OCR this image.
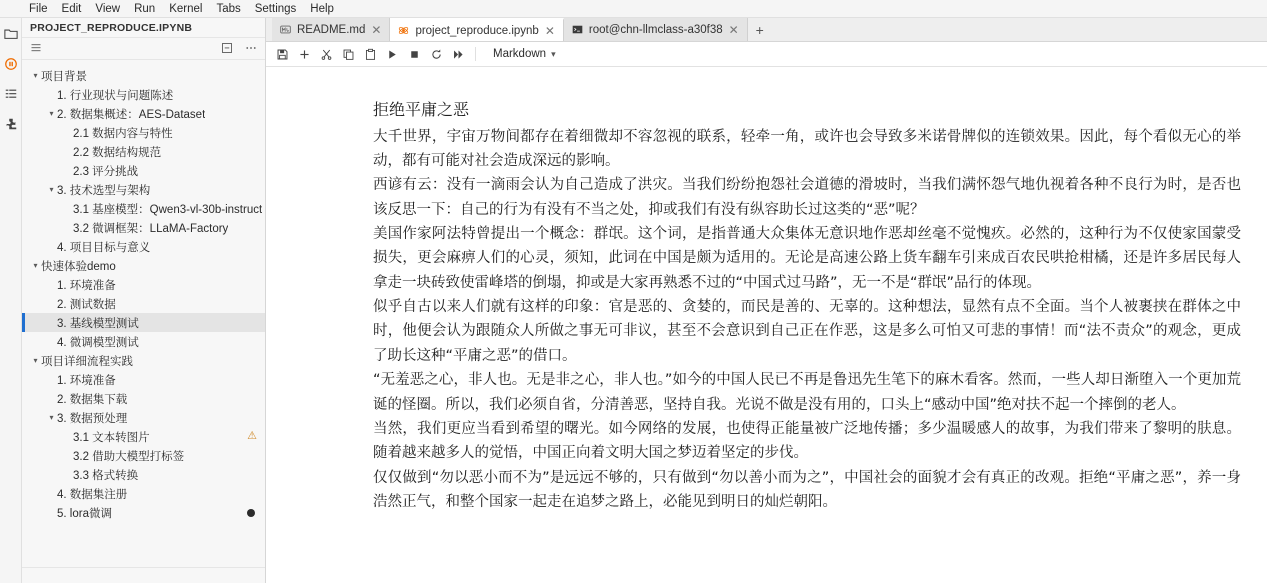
File	Edit	View	Run	Kernel	Tabs	Settings	Help
PROJECT_REPRODUCE.IPYNB
▾ 项目背景
1. 行业现状与问题陈述
▾ 2. 数据集概述：AES-Dataset
2.1 数据内容与特性
2.2 数据结构规范
2.3 评分挑战
▾ 3. 技术选型与架构
3.1 基座模型：Qwen3-vl-30b-instruct
3.2 微调框架：LLaMA-Factory
4. 项目目标与意义
▾ 快速体验demo
1. 环境准备
2. 测试数据
3. 基线模型测试
4. 微调模型测试
▾ 项目详细流程实践
1. 环境准备
2. 数据集下载
▾ 3. 数据预处理
3.1 文本转图片	⚠
3.2 借助大模型打标签
3.3 格式转换
4. 数据集注册
5. lora微调
README.md ✕	project_reproduce.ipynb ✕	root@chn-llmclass-a30f38 ✕	+
Markdown ▾
拒绝平庸之恶

大千世界，宇宙万物间都存在着细微却不容忽视的联系，轻牵一角，或许也会导致多米诺骨牌似的连锁效果。因此，每个看似无心的举动，都有可能对社会造成深远的影响。

西谚有云：没有一滴雨会认为自己造成了洪灾。当我们纷纷抱怨社会道德的滑坡时，当我们满怀怨气地仇视着各种不良行为时，是否也该反思一下：自己的行为有没有不当之处，抑或我们有没有纵容助长过这类的“恶”呢？

美国作家阿法特曾提出一个概念：群氓。这个词，是指普通大众集体无意识地作恶却丝毫不觉愧疚。必然的，这种行为不仅使家国蒙受损失，更会麻痹人们的心灵，须知，此词在中国是颇为适用的。无论是高速公路上货车翻车引来成百农民哄抢柑橘，还是许多居民每人拿走一块砖致使雷峰塔的倒塌，抑或是大家再熟悉不过的“中国式过马路”，无一不是“群氓”品行的体现。

似乎自古以来人们就有这样的印象：官是恶的、贪婪的，而民是善的、无辜的。这种想法，显然有点不全面。当个人被裹挟在群体之中时，他便会认为跟随众人所做之事无可非议，甚至不会意识到自己正在作恶，这是多么可怕又可悲的事情！而“法不责众”的观念，更成了助长这种“平庸之恶”的借口。

“无羞恶之心，非人也。无是非之心，非人也。”如今的中国人民已不再是鲁迅先生笔下的麻木看客。然而，一些人却日渐堕入一个更加荒诞的怪圈。所以，我们必须自省，分清善恶，坚持自我。光说不做是没有用的，口头上“感动中国”绝对扶不起一个摔倒的老人。

当然，我们更应当看到希望的曙光。如今网络的发展，也使得正能量被广泛地传播；多少温暖感人的故事，为我们带来了黎明的肤息。随着越来越多人的觉悟，中国正向着文明大国之梦迈着坚定的步伐。

仅仅做到“勿以恶小而不为”是远远不够的，只有做到“勿以善小而为之”，中国社会的面貌才会有真正的改观。拒绝“平庸之恶”，养一身浩然正气，和整个国家一起走在追梦之路上，必能见到明日的灿烂朝阳。
